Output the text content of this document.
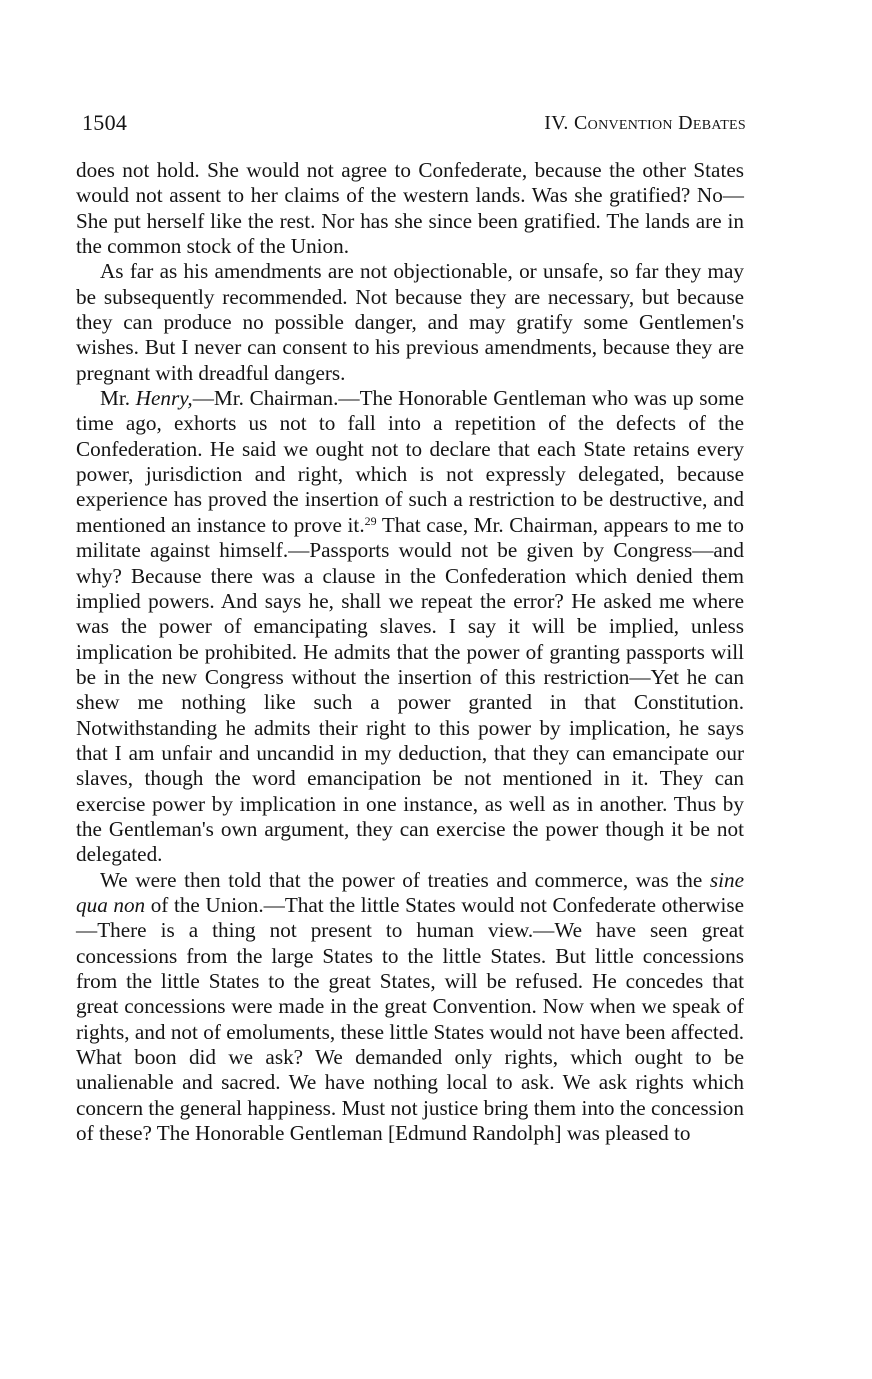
1504	IV. Convention Debates

does not hold. She would not agree to Confederate, because the other States would not assent to her claims of the western lands. Was she gratified? No—She put herself like the rest. Nor has she since been gratified. The lands are in the common stock of the Union.

As far as his amendments are not objectionable, or unsafe, so far they may be subsequently recommended. Not because they are necessary, but because they can produce no possible danger, and may gratify some Gentlemen's wishes. But I never can consent to his previous amendments, because they are pregnant with dreadful dangers.

Mr. Henry,—Mr. Chairman.—The Honorable Gentleman who was up some time ago, exhorts us not to fall into a repetition of the defects of the Confederation. He said we ought not to declare that each State retains every power, jurisdiction and right, which is not expressly delegated, because experience has proved the insertion of such a restriction to be destructive, and mentioned an instance to prove it.$^{29}$ That case, Mr. Chairman, appears to me to militate against himself.—Passports would not be given by Congress—and why? Because there was a clause in the Confederation which denied them implied powers. And says he, shall we repeat the error? He asked me where was the power of emancipating slaves. I say it will be implied, unless implication be prohibited. He admits that the power of granting passports will be in the new Congress without the insertion of this restriction—Yet he can shew me nothing like such a power granted in that Constitution. Notwithstanding he admits their right to this power by implication, he says that I am unfair and uncandid in my deduction, that they can emancipate our slaves, though the word emancipation be not mentioned in it. They can exercise power by implication in one instance, as well as in another. Thus by the Gentleman's own argument, they can exercise the power though it be not delegated.

We were then told that the power of treaties and commerce, was the sine qua non of the Union.—That the little States would not Confederate otherwise—There is a thing not present to human view.—We have seen great concessions from the large States to the little States. But little concessions from the little States to the great States, will be refused. He concedes that great concessions were made in the great Convention. Now when we speak of rights, and not of emoluments, these little States would not have been affected. What boon did we ask? We demanded only rights, which ought to be unalienable and sacred. We have nothing local to ask. We ask rights which concern the general happiness. Must not justice bring them into the concession of these? The Honorable Gentleman [Edmund Randolph] was pleased to
